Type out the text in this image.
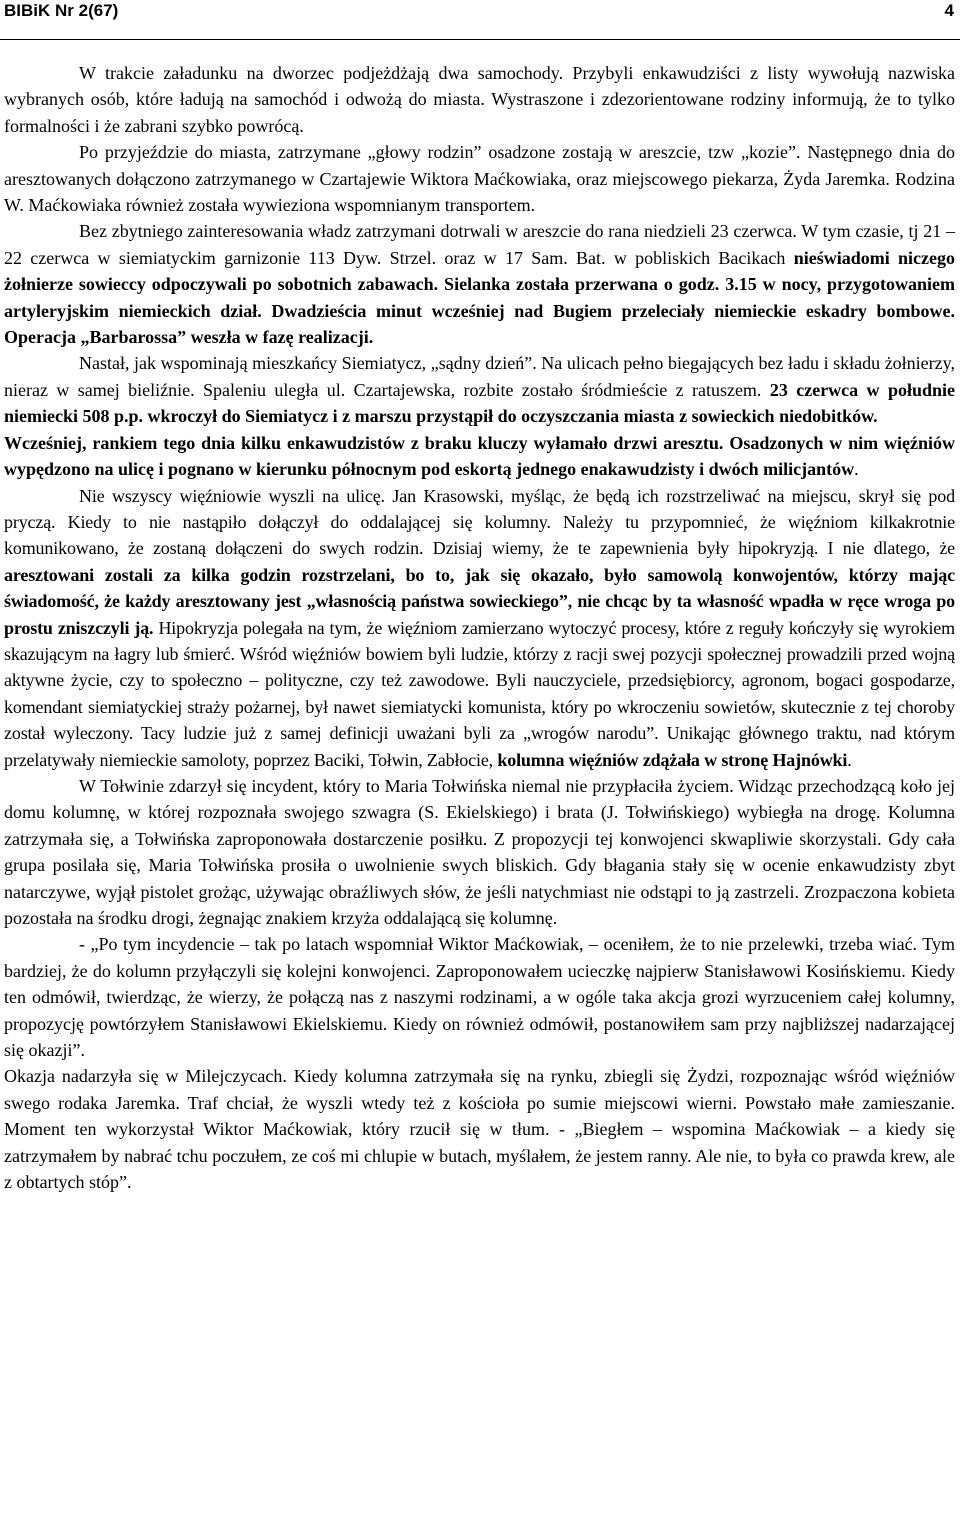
BIBiK Nr 2(67)	4

W trakcie załadunku na dworzec podjeżdżają dwa samochody. Przybyli enkawudziści z listy wywołują nazwiska wybranych osób, które ładują na samochód i odwożą do miasta. Wystraszone i zdezorientowane rodziny informują, że to tylko formalności i że zabrani szybko powrócą.

Po przyjeździe do miasta, zatrzymane „głowy rodzin” osadzone zostają w areszcie, tzw „kozie”. Następnego dnia do aresztowanych dołączono zatrzymanego w Czartajewie Wiktora Maćkowiaka, oraz miejscowego piekarza, Żyda Jaremka. Rodzina W. Maćkowiaka również została wywieziona wspomnianym transportem.

Bez zbytniego zainteresowania władz zatrzymani dotrwali w areszcie do rana niedzieli 23 czerwca. W tym czasie, tj 21 – 22 czerwca w siemiatyckim garnizonie 113 Dyw. Strzel. oraz w 17 Sam. Bat. w pobliskich Bacikach nieświadomi niczego żołnierze sowieccy odpoczywali po sobotnich zabawach. Sielanka została przerwana o godz. 3.15 w nocy, przygotowaniem artyleryjskim niemieckich dział. Dwadzieścia minut wcześniej nad Bugiem przeleciały niemieckie eskadry bombowe. Operacja „Barbarossa” weszła w fazę realizacji.

Nastał, jak wspominają mieszkańcy Siemiatycz, „sądny dzień”. Na ulicach pełno biegających bez ładu i składu żołnierzy, nieraz w samej bieliźnie. Spaleniu uległa ul. Czartajewska, rozbite zostało śródmieście z ratuszem. 23 czerwca w południe niemiecki 508 p.p. wkroczył do Siemiatycz i z marszu przystąpił do oczyszczania miasta z sowieckich niedobitków.

Wcześniej, rankiem tego dnia kilku enkawudzistów z braku kluczy wyłamało drzwi aresztu. Osadzonych w nim więźniów wypędzono na ulicę i pognano w kierunku północnym pod eskortą jednego enakawudzisty i dwóch milicjantów.

Nie wszyscy więźniowie wyszli na ulicę. Jan Krasowski, myśląc, że będą ich rozstrzeliwać na miejscu, skrył się pod pryczą. Kiedy to nie nastąpiło dołączył do oddalającej się kolumny. Należy tu przypomnieć, że więźniom kilkakrotnie komunikowano, że zostaną dołączeni do swych rodzin. Dzisiaj wiemy, że te zapewnienia były hipokryzją. I nie dlatego, że aresztowani zostali za kilka godzin rozstrzelani, bo to, jak się okazało, było samowolą konwojentów, którzy mając świadomość, że każdy aresztowany jest „własnością państwa sowieckiego”, nie chcąc by ta własność wpadła w ręce wroga po prostu zniszczyli ją. Hipokryzja polegała na tym, że więźniom zamierzano wytoczyć procesy, które z reguły kończyły się wyrokiem skazującym na łagry lub śmierć. Wśród więźniów bowiem byli ludzie, którzy z racji swej pozycji społecznej prowadzili przed wojną aktywne życie, czy to społeczno – polityczne, czy też zawodowe. Byli nauczyciele, przedsiębiorcy, agronom, bogaci gospodarze, komendant siemiatyckiej straży pożarnej, był nawet siemiatycki komunista, który po wkroczeniu sowietów, skutecznie z tej choroby został wyleczony. Tacy ludzie już z samej definicji uważani byli za „wrogów narodu”. Unikając głównego traktu, nad którym przelatywały niemieckie samoloty, poprzez Baciki, Tołwin, Zabłocie, kolumna więźniów zdążała w stronę Hajnówki.

W Tołwinie zdarzył się incydent, który to Maria Tołwińska niemal nie przypłaciła życiem. Widząc przechodzącą koło jej domu kolumnę, w której rozpoznała swojego szwagra (S. Ekielskiego) i brata (J. Tołwińskiego) wybiegła na drogę. Kolumna zatrzymała się, a Tołwińska zaproponowała dostarczenie posiłku. Z propozycji tej konwojenci skwapliwie skorzystali. Gdy cała grupa posilała się, Maria Tołwińska prosiła o uwolnienie swych bliskich. Gdy błagania stały się w ocenie enkawudzisty zbyt natarczywe, wyjął pistolet grożąc, używając obraźliwych słów, że jeśli natychmiast nie odstąpi to ją zastrzeli. Zrozpaczona kobieta pozostała na środku drogi, żegnając znakiem krzyża oddalającą się kolumnę.

- „Po tym incydencie – tak po latach wspomniał Wiktor Maćkowiak, – oceniłem, że to nie przelewki, trzeba wiać. Tym bardziej, że do kolumn przyłączyli się kolejni konwojenci. Zaproponowałem ucieczkę najpierw Stanisławowi Kosińskiemu. Kiedy ten odmówił, twierdząc, że wierzy, że połączą nas z naszymi rodzinami, a w ogóle taka akcja grozi wyrzuceniem całej kolumny, propozycję powtórzyłem Stanisławowi Ekielskiemu. Kiedy on również odmówił, postanowiłem sam przy najbliższej nadarzającej się okazji”.

Okazja nadarzyła się w Milejczycach. Kiedy kolumna zatrzymała się na rynku, zbiegli się Żydzi, rozpoznając wśród więźniów swego rodaka Jaremka. Traf chciał, że wyszli wtedy też z kościoła po sumie miejscowi wierni. Powstało małe zamieszanie. Moment ten wykorzystał Wiktor Maćkowiak, który rzucił się w tłum. - „Biegłem – wspomina Maćkowiak – a kiedy się zatrzymałem by nabrać tchu poczułem, ze coś mi chlupie w butach, myślałem, że jestem ranny. Ale nie, to była co prawda krew, ale z obtartych stóp”.
